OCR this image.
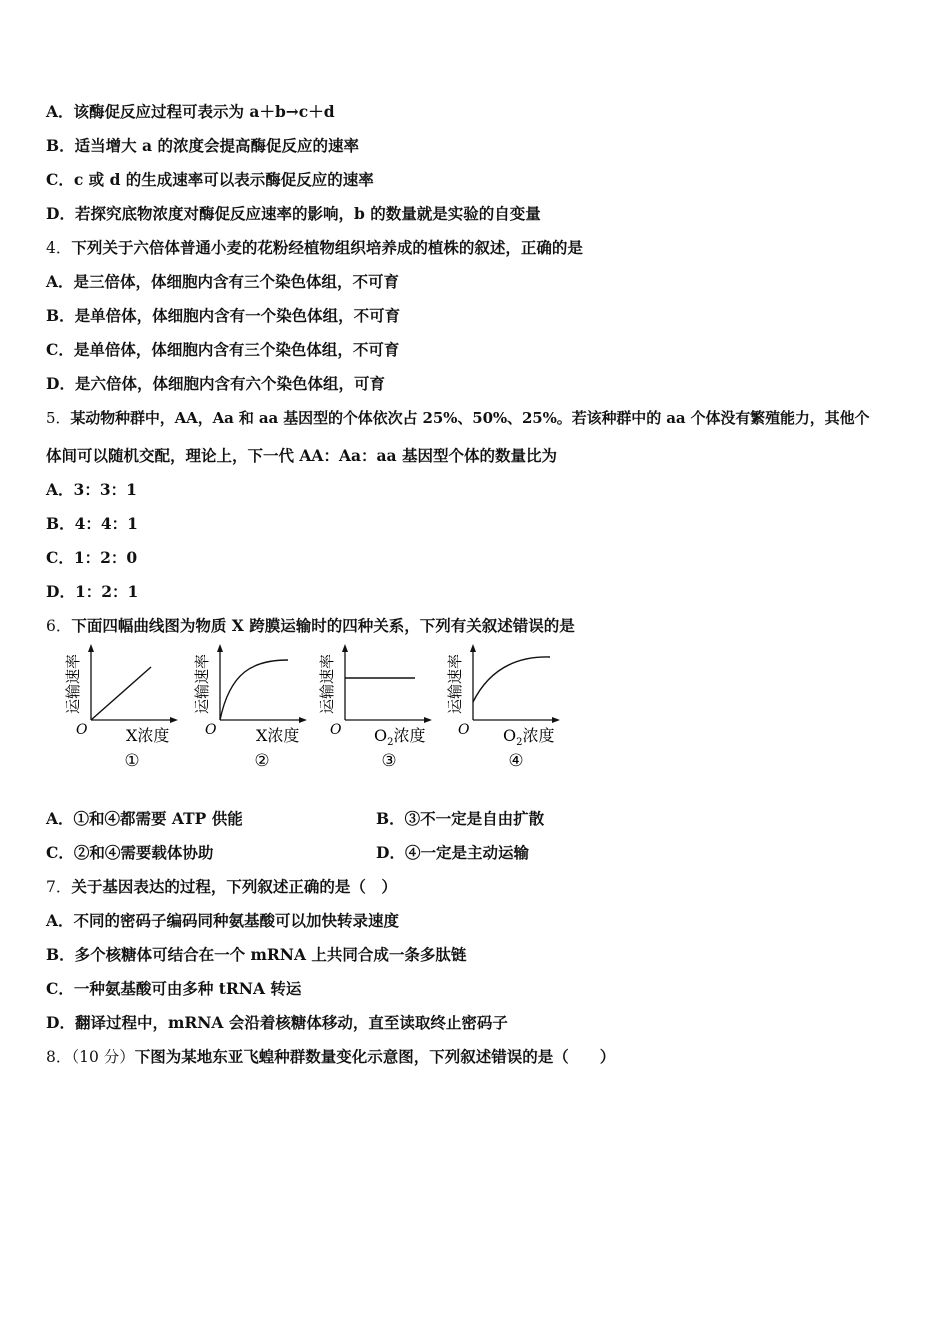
A．该酶促反应过程可表示为 a＋b→c＋d
B．适当增大 a 的浓度会提高酶促反应的速率
C．c 或 d 的生成速率可以表示酶促反应的速率
D．若探究底物浓度对酶促反应速率的影响，b 的数量就是实验的自变量
4．下列关于六倍体普通小麦的花粉经植物组织培养成的植株的叙述，正确的是
A．是三倍体，体细胞内含有三个染色体组，不可育
B．是单倍体，体细胞内含有一个染色体组，不可育
C．是单倍体，体细胞内含有三个染色体组，不可育
D．是六倍体，体细胞内含有六个染色体组，可育
5．某动物种群中，AA，Aa 和 aa 基因型的个体依次占 25%、50%、25%。若该种群中的 aa 个体没有繁殖能力，其他个
体间可以随机交配，理论上，下一代 AA：Aa：aa 基因型个体的数量比为
A．3：3：1
B．4：4：1
C．1：2：0
D．1：2：1
6．下面四幅曲线图为物质 X 跨膜运输时的四种关系，下列有关叙述错误的是
运输速率
O X浓度
①
运输速率
O X浓度
②
运输速率
O $O_2$浓度
③
运输速率
O $O_2$浓度
④
A．①和④都需要 ATP 供能	B．③不一定是自由扩散
C．②和④需要载体协助	D．④一定是主动运输
7．关于基因表达的过程，下列叙述正确的是（　）
A．不同的密码子编码同种氨基酸可以加快转录速度
B．多个核糖体可结合在一个 mRNA 上共同合成一条多肽链
C．一种氨基酸可由多种 tRNA 转运
D．翻译过程中，mRNA 会沿着核糖体移动，直至读取终止密码子
8．（10 分）下图为某地东亚飞蝗种群数量变化示意图，下列叙述错误的是（　　）
